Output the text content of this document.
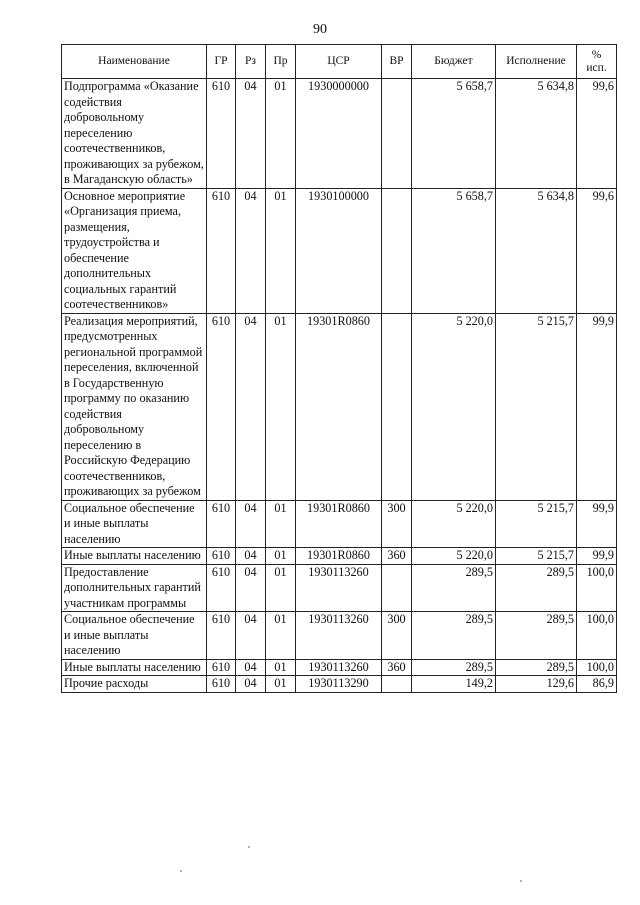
90
Наименование	ГР	Рз	Пр	ЦСР	ВР	Бюджет	Исполнение	%
исп.
Подпрограмма «Оказание содействия добровольному переселению соотечественников, проживающих за рубежом, в Магаданскую область»	610	04	01	1930000000		5 658,7	5 634,8	99,6
Основное мероприятие «Организация приема, размещения, трудоустройства и обеспечение дополнительных социальных гарантий соотечественников»	610	04	01	1930100000		5 658,7	5 634,8	99,6
Реализация мероприятий, предусмотренных региональной программой переселения, включенной в Государственную программу по оказанию содействия добровольному переселению в Российскую Федерацию соотечественников, проживающих за рубежом	610	04	01	19301R0860		5 220,0	5 215,7	99,9
Социальное обеспечение и иные выплаты населению	610	04	01	19301R0860	300	5 220,0	5 215,7	99,9
Иные выплаты населению	610	04	01	19301R0860	360	5 220,0	5 215,7	99,9
Предоставление дополнительных гарантий участникам программы	610	04	01	1930113260		289,5	289,5	100,0
Социальное обеспечение и иные выплаты населению	610	04	01	1930113260	300	289,5	289,5	100,0
Иные выплаты населению	610	04	01	1930113260	360	289,5	289,5	100,0
Прочие расходы	610	04	01	1930113290		149,2	129,6	86,9
